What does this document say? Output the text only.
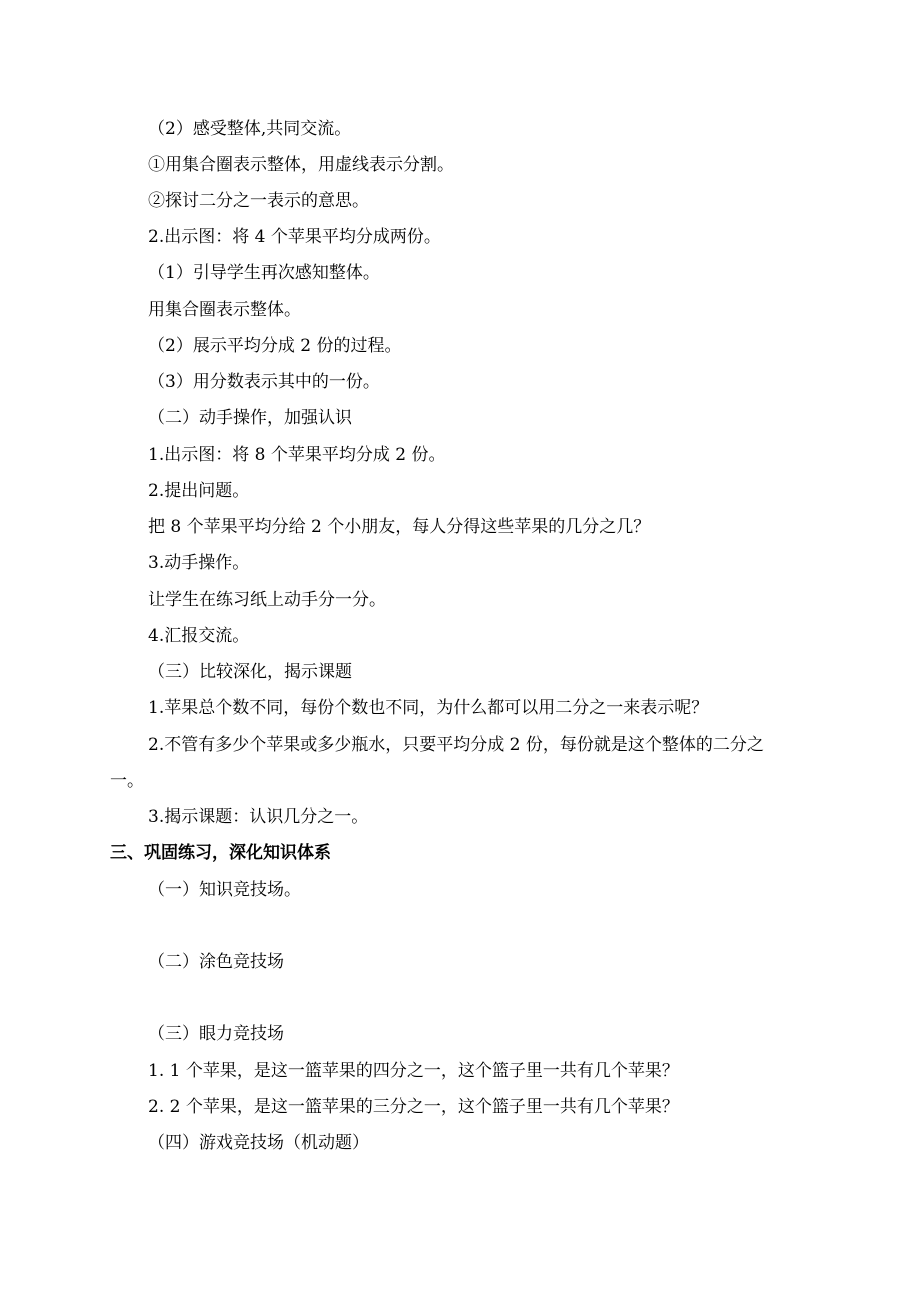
（2）感受整体,共同交流。
①用集合圈表示整体，用虚线表示分割。
②探讨二分之一表示的意思。
2.出示图：将 4 个苹果平均分成两份。
（1）引导学生再次感知整体。
用集合圈表示整体。
（2）展示平均分成 2 份的过程。
（3）用分数表示其中的一份。
（二）动手操作，加强认识
1.出示图：将 8 个苹果平均分成 2 份。
2.提出问题。
把 8 个苹果平均分给 2 个小朋友，每人分得这些苹果的几分之几？
3.动手操作。
让学生在练习纸上动手分一分。
4.汇报交流。
（三）比较深化，揭示课题
1.苹果总个数不同，每份个数也不同，为什么都可以用二分之一来表示呢？
2.不管有多少个苹果或多少瓶水，只要平均分成 2 份，每份就是这个整体的二分之
一。
3.揭示课题：认识几分之一。
三、巩固练习，深化知识体系
（一）知识竞技场。
（二）涂色竞技场
（三）眼力竞技场
1. 1 个苹果，是这一篮苹果的四分之一，这个篮子里一共有几个苹果？
2. 2 个苹果，是这一篮苹果的三分之一，这个篮子里一共有几个苹果？
（四）游戏竞技场（机动题）
